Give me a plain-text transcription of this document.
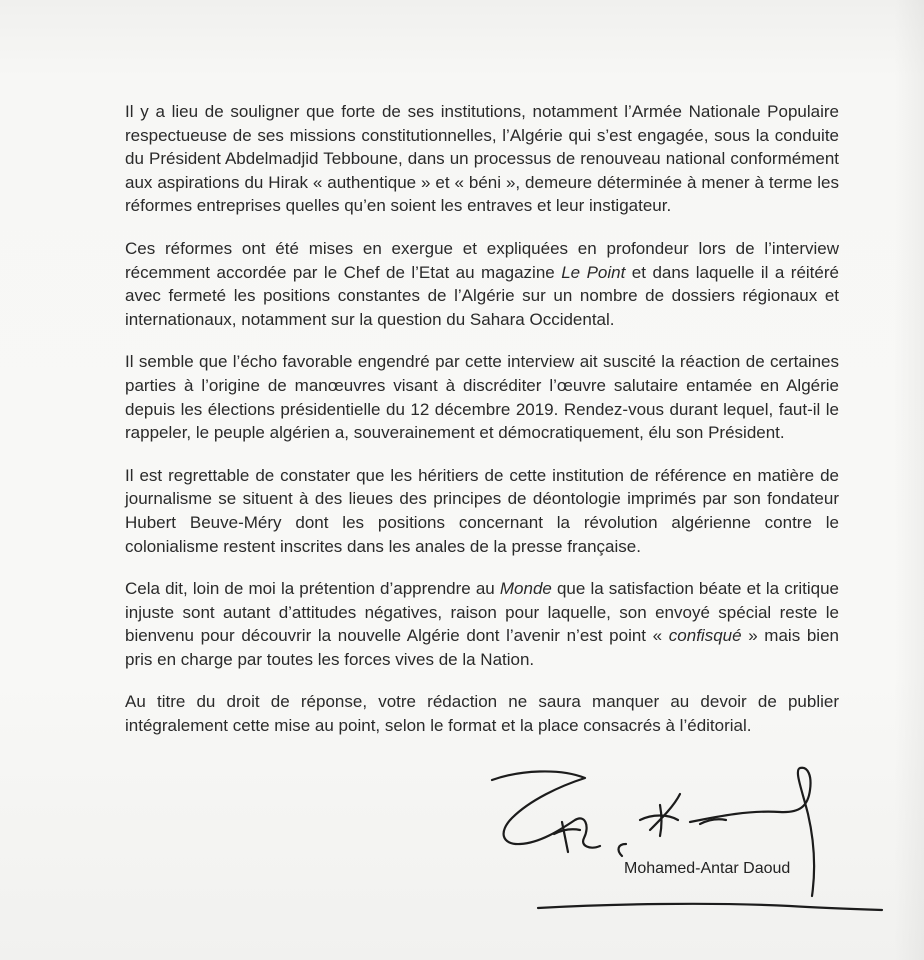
Il y a lieu de souligner que forte de ses institutions, notamment l’Armée Nationale Populaire respectueuse de ses missions constitutionnelles, l’Algérie qui s’est engagée, sous la conduite du Président Abdelmadjid Tebboune, dans un processus de renouveau national conformément aux aspirations du Hirak « authentique » et « béni », demeure déterminée à mener à terme les réformes entreprises quelles qu’en soient les entraves et leur instigateur.

Ces réformes ont été mises en exergue et expliquées en profondeur lors de l’interview récemment accordée par le Chef de l’Etat au magazine Le Point et dans laquelle il a réitéré avec fermeté les positions constantes de l’Algérie sur un nombre de dossiers régionaux et internationaux, notamment sur la question du Sahara Occidental.

Il semble que l’écho favorable engendré par cette interview ait suscité la réaction de certaines parties à l’origine de manœuvres visant à discréditer l’œuvre salutaire entamée en Algérie depuis les élections présidentielle du 12 décembre 2019. Rendez-vous durant lequel, faut-il le rappeler, le peuple algérien a, souverainement et démocratiquement, élu son Président.

Il est regrettable de constater que les héritiers de cette institution de référence en matière de journalisme se situent à des lieues des principes de déontologie imprimés par son fondateur Hubert Beuve-Méry dont les positions concernant la révolution algérienne contre le colonialisme restent inscrites dans les anales de la presse française.

Cela dit, loin de moi la prétention d’apprendre au Monde que la satisfaction béate et la critique injuste sont autant d’attitudes négatives, raison pour laquelle, son envoyé spécial reste le bienvenu pour découvrir la nouvelle Algérie dont l’avenir n’est point « confisqué » mais bien pris en charge par toutes les forces vives de la Nation.

Au titre du droit de réponse, votre rédaction ne saura manquer au devoir de publier intégralement cette mise au point, selon le format et la place consacrés à l’éditorial.

Mohamed-Antar Daoud
